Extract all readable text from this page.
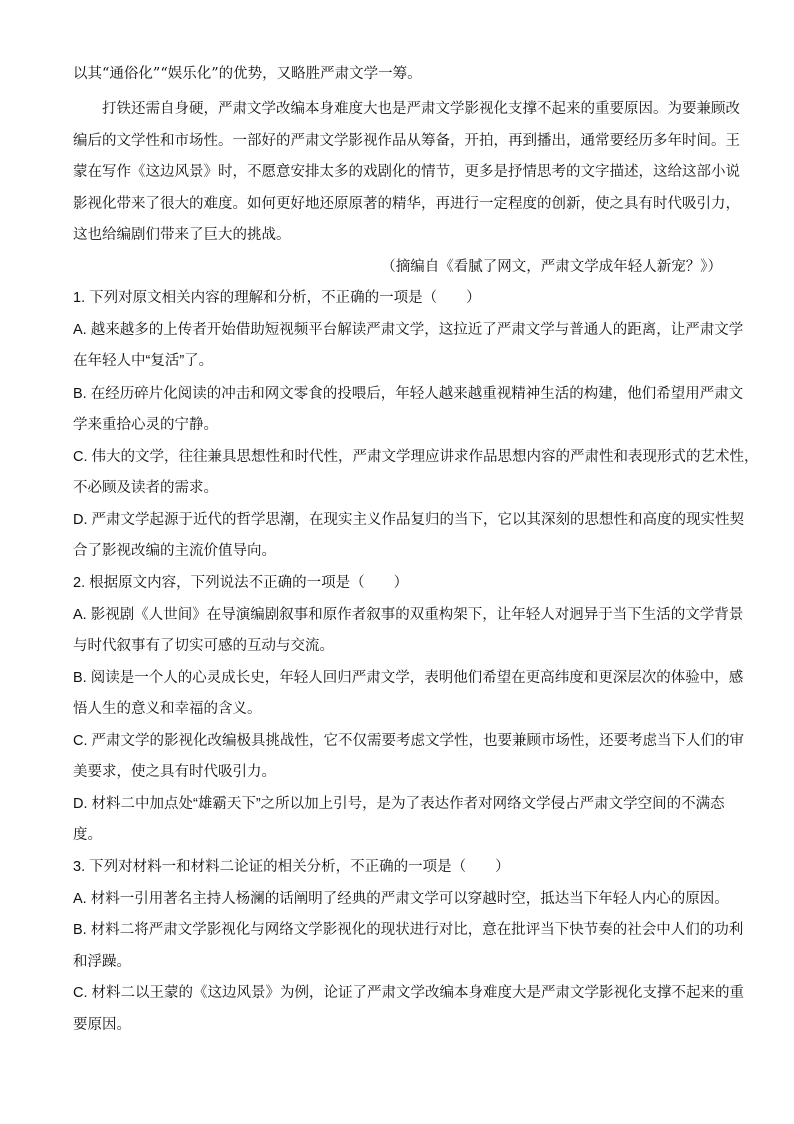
以其“通俗化”“娱乐化”的优势，又略胜严肃文学一筹。
打铁还需自身硬，严肃文学改编本身难度大也是严肃文学影视化支撑不起来的重要原因。为要兼顾改
编后的文学性和市场性。一部好的严肃文学影视作品从筹备，开拍，再到播出，通常要经历多年时间。王
蒙在写作《这边风景》时，不愿意安排太多的戏剧化的情节，更多是抒情思考的文字描述，这给这部小说
影视化带来了很大的难度。如何更好地还原原著的精华，再进行一定程度的创新，使之具有时代吸引力，
这也给编剧们带来了巨大的挑战。
（摘编自《看腻了网文，严肃文学成年轻人新宠？》）
1. 下列对原文相关内容的理解和分析，不正确的一项是（　　）
A. 越来越多的上传者开始借助短视频平台解读严肃文学，这拉近了严肃文学与普通人的距离，让严肃文学
在年轻人中“复活”了。
B. 在经历碎片化阅读的冲击和网文零食的投喂后，年轻人越来越重视精神生活的构建，他们希望用严肃文
学来重拾心灵的宁静。
C. 伟大的文学，往往兼具思想性和时代性，严肃文学理应讲求作品思想内容的严肃性和表现形式的艺术性，
不必顾及读者的需求。
D. 严肃文学起源于近代的哲学思潮，在现实主义作品复归的当下，它以其深刻的思想性和高度的现实性契
合了影视改编的主流价值导向。
2. 根据原文内容，下列说法不正确的一项是（　　）
A. 影视剧《人世间》在导演编剧叙事和原作者叙事的双重构架下，让年轻人对迥异于当下生活的文学背景
与时代叙事有了切实可感的互动与交流。
B. 阅读是一个人的心灵成长史，年轻人回归严肃文学，表明他们希望在更高纬度和更深层次的体验中，感
悟人生的意义和幸福的含义。
C. 严肃文学的影视化改编极具挑战性，它不仅需要考虑文学性，也要兼顾市场性，还要考虑当下人们的审
美要求，使之具有时代吸引力。
D. 材料二中加点处“雄霸天下”之所以加上引号，是为了表达作者对网络文学侵占严肃文学空间的不满态
度。
3. 下列对材料一和材料二论证的相关分析，不正确的一项是（　　）
A. 材料一引用著名主持人杨澜的话阐明了经典的严肃文学可以穿越时空，抵达当下年轻人内心的原因。
B. 材料二将严肃文学影视化与网络文学影视化的现状进行对比，意在批评当下快节奏的社会中人们的功利
和浮躁。
C. 材料二以王蒙的《这边风景》为例，论证了严肃文学改编本身难度大是严肃文学影视化支撑不起来的重
要原因。
